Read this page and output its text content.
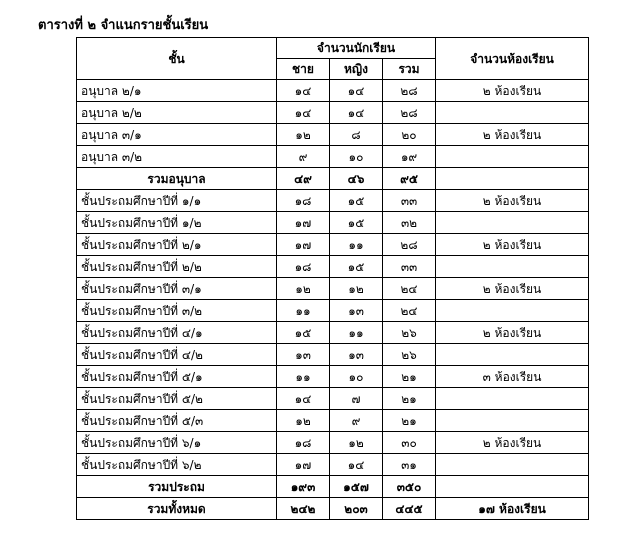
ตารางที่ ๒ จำแนกรายชั้นเรียน
ชั้น	จำนวนนักเรียน			จำนวนห้องเรียน
	ชาย	หญิง	รวม	
อนุบาล ๒/๑	๑๔	๑๔	๒๘	๒ ห้องเรียน
อนุบาล ๒/๒	๑๔	๑๔	๒๘	
อนุบาล ๓/๑	๑๒	๘	๒๐	๒ ห้องเรียน
อนุบาล ๓/๒	๙	๑๐	๑๙	
รวมอนุบาล	๔๙	๔๖	๙๕	
ชั้นประถมศึกษาปีที่ ๑/๑	๑๘	๑๕	๓๓	๒ ห้องเรียน
ชั้นประถมศึกษาปีที่ ๑/๒	๑๗	๑๕	๓๒	
ชั้นประถมศึกษาปีที่ ๒/๑	๑๗	๑๑	๒๘	๒ ห้องเรียน
ชั้นประถมศึกษาปีที่ ๒/๒	๑๘	๑๕	๓๓	
ชั้นประถมศึกษาปีที่ ๓/๑	๑๒	๑๒	๒๔	๒ ห้องเรียน
ชั้นประถมศึกษาปีที่ ๓/๒	๑๑	๑๓	๒๔	
ชั้นประถมศึกษาปีที่ ๔/๑	๑๕	๑๑	๒๖	๒ ห้องเรียน
ชั้นประถมศึกษาปีที่ ๔/๒	๑๓	๑๓	๒๖	
ชั้นประถมศึกษาปีที่ ๕/๑	๑๑	๑๐	๒๑	๓ ห้องเรียน
ชั้นประถมศึกษาปีที่ ๕/๒	๑๔	๗	๒๑	
ชั้นประถมศึกษาปีที่ ๕/๓	๑๒	๙	๒๑	
ชั้นประถมศึกษาปีที่ ๖/๑	๑๘	๑๒	๓๐	๒ ห้องเรียน
ชั้นประถมศึกษาปีที่ ๖/๒	๑๗	๑๔	๓๑	
รวมประถม	๑๙๓	๑๕๗	๓๕๐	
รวมทั้งหมด	๒๔๒	๒๐๓	๔๔๕	๑๗ ห้องเรียน
